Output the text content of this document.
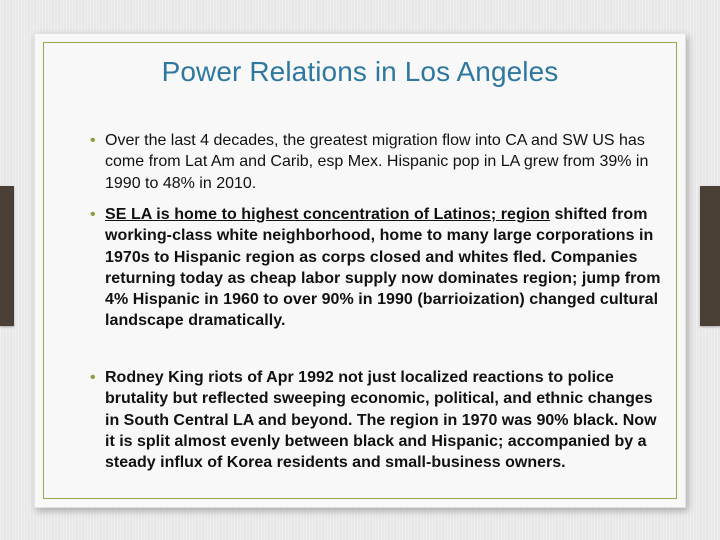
Power Relations in Los Angeles
• Over the last 4 decades, the greatest migration flow into CA and SW US has come from Lat Am and Carib, esp Mex. Hispanic pop in LA grew from 39% in 1990 to 48% in 2010.
• SE LA is home to highest concentration of Latinos; region shifted from working-class white neighborhood, home to many large corporations in 1970s to Hispanic region as corps closed and whites fled. Companies returning today as cheap labor supply now dominates region; jump from 4% Hispanic in 1960 to over 90% in 1990 (barrioization) changed cultural landscape dramatically.
• Rodney King riots of Apr 1992 not just localized reactions to police brutality but reflected sweeping economic, political, and ethnic changes in South Central LA and beyond. The region in 1970 was 90% black. Now it is split almost evenly between black and Hispanic; accompanied by a steady influx of Korea residents and small-business owners.
